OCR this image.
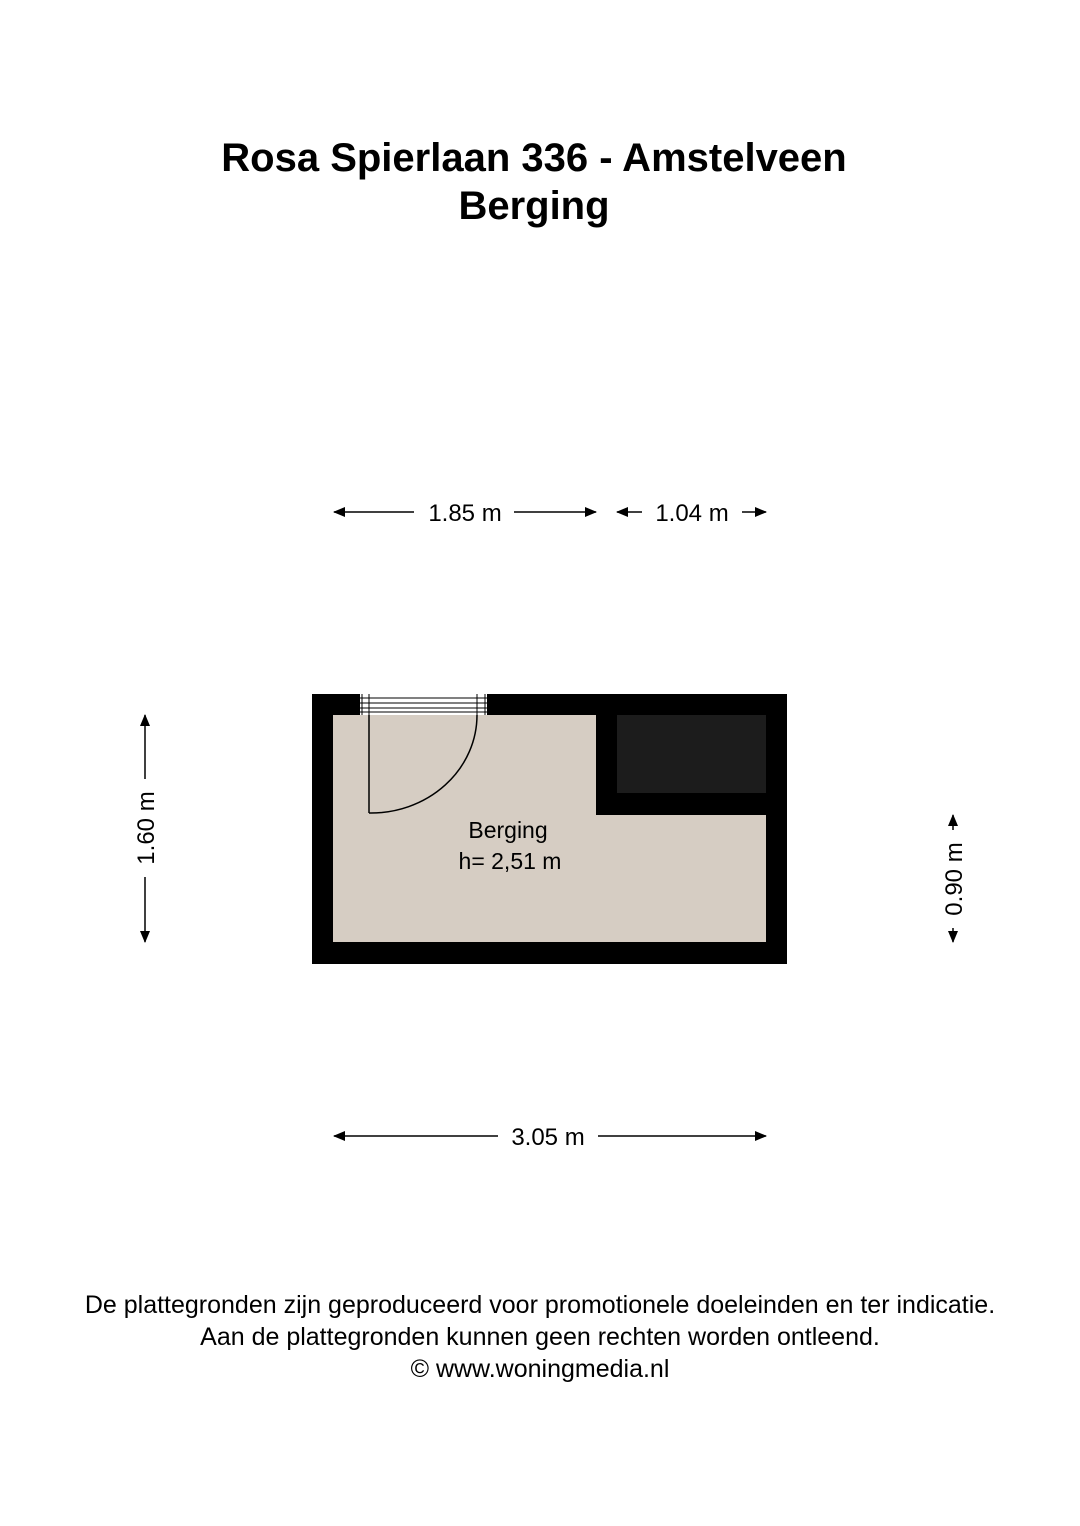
Rosa Spierlaan 336 - Amstelveen
Berging
Berging
h= 2,51 m
1.85 m	1.04 m
3.05 m
1.60 m
0.90 m
De plattegronden zijn geproduceerd voor promotionele doeleinden en ter indicatie.
Aan de plattegronden kunnen geen rechten worden ontleend.
© www.woningmedia.nl
